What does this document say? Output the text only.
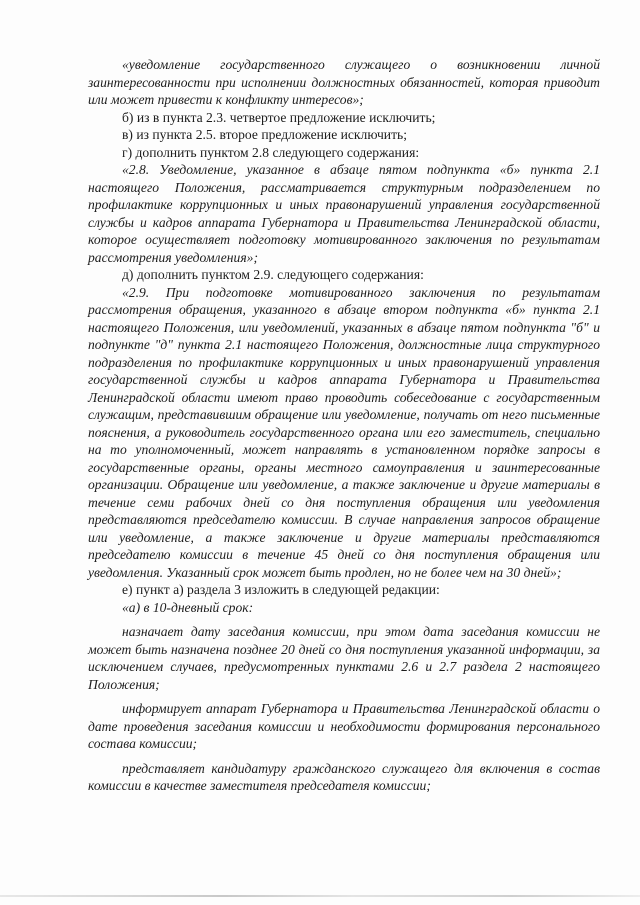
«уведомление государственного служащего о возникновении личной заинтересованности при исполнении должностных обязанностей, которая приводит или может привести к конфликту интересов»;

б) из в пункта 2.3. четвертое предложение исключить;

в) из пункта 2.5. второе предложение исключить;

г) дополнить пунктом 2.8 следующего содержания:

«2.8. Уведомление, указанное в абзаце пятом подпункта «б» пункта 2.1 настоящего Положения, рассматривается структурным подразделением по профилактике коррупционных и иных правонарушений управления государственной службы и кадров аппарата Губернатора и Правительства Ленинградской области, которое осуществляет подготовку мотивированного заключения по результатам рассмотрения уведомления»;

д) дополнить пунктом 2.9. следующего содержания:

«2.9. При подготовке мотивированного заключения по результатам рассмотрения обращения, указанного в абзаце втором подпункта «б» пункта 2.1 настоящего Положения, или уведомлений, указанных в абзаце пятом подпункта "б" и подпункте "д" пункта 2.1 настоящего Положения, должностные лица структурного подразделения по профилактике коррупционных и иных правонарушений управления государственной службы и кадров аппарата Губернатора и Правительства Ленинградской области имеют право проводить собеседование с государственным служащим, представившим обращение или уведомление, получать от него письменные пояснения, а руководитель государственного органа или его заместитель, специально на то уполномоченный, может направлять в установленном порядке запросы в государственные органы, органы местного самоуправления и заинтересованные организации. Обращение или уведомление, а также заключение и другие материалы в течение семи рабочих дней со дня поступления обращения или уведомления представляются председателю комиссии. В случае направления запросов обращение или уведомление, а также заключение и другие материалы представляются председателю комиссии в течение 45 дней со дня поступления обращения или уведомления. Указанный срок может быть продлен, но не более чем на 30 дней»;

е) пункт а) раздела 3 изложить в следующей редакции:

«а) в 10-дневный срок:

назначает дату заседания комиссии, при этом дата заседания комиссии не может быть назначена позднее 20 дней со дня поступления указанной информации, за исключением случаев, предусмотренных пунктами 2.6 и 2.7 раздела 2 настоящего Положения;

информирует аппарат Губернатора и Правительства Ленинградской области о дате проведения заседания комиссии и необходимости формирования персонального состава комиссии;

представляет кандидатуру гражданского служащего для включения в состав комиссии в качестве заместителя председателя комиссии;
